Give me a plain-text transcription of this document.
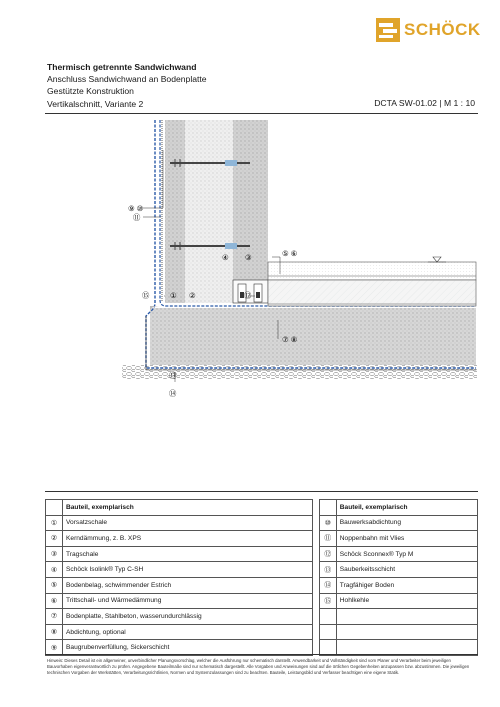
SCHÖCK
Thermisch getrennte Sandwichwand
Anschluss Sandwichwand an Bodenplatte
Gestützte Konstruktion
Vertikalschnitt, Variante 2	DCTA SW-01.02 | M 1 : 10
⑨ ⑩
⑪
④ ③	⑤ ⑥
⑮	① ②	⑫
⑦ ⑧
⑬
⑭
	Bauteil, exemplarisch			Bauteil, exemplarisch
①	Vorsatzschale		⑩	Bauwerksabdichtung
②	Kerndämmung, z. B. XPS		⑪	Noppenbahn mit Vlies
③	Tragschale		⑫	Schöck Sconnex® Typ M
④	Schöck Isolink® Typ C-SH		⑬	Sauberkeitsschicht
⑤	Bodenbelag, schwimmender Estrich		⑭	Tragfähiger Boden
⑥	Trittschall- und Wärmedämmung		⑮	Hohlkehle
⑦	Bodenplatte, Stahlbeton, wasserundurchlässig			
⑧	Abdichtung, optional			
⑨	Baugrubenverfüllung, Sickerschicht			
Hinweis: Dieses Detail ist ein allgemeiner, unverbindlicher Planungsvorschlag, welcher die Ausführung nur schematisch darstellt. Anwendbarkeit und Vollständigkeit sind vom Planer und Verarbeiter beim jeweiligen Bauvorhaben eigenverantwortlich zu prüfen. Angegebene Bauteilmaße sind nur schematisch dargestellt. Alle Vorgaben und Anweisungen sind auf die örtlichen Gegebenheiten anzupassen bzw. abzustimmen. Die jeweiligen technischen Vorgaben der Werkstätten, Verarbeitungsrichtlinien, Normen und Systemzulassungen sind zu beachten. Bauteile, Leistungsbild und Verfasser beachtigen eine eigene Statik.
